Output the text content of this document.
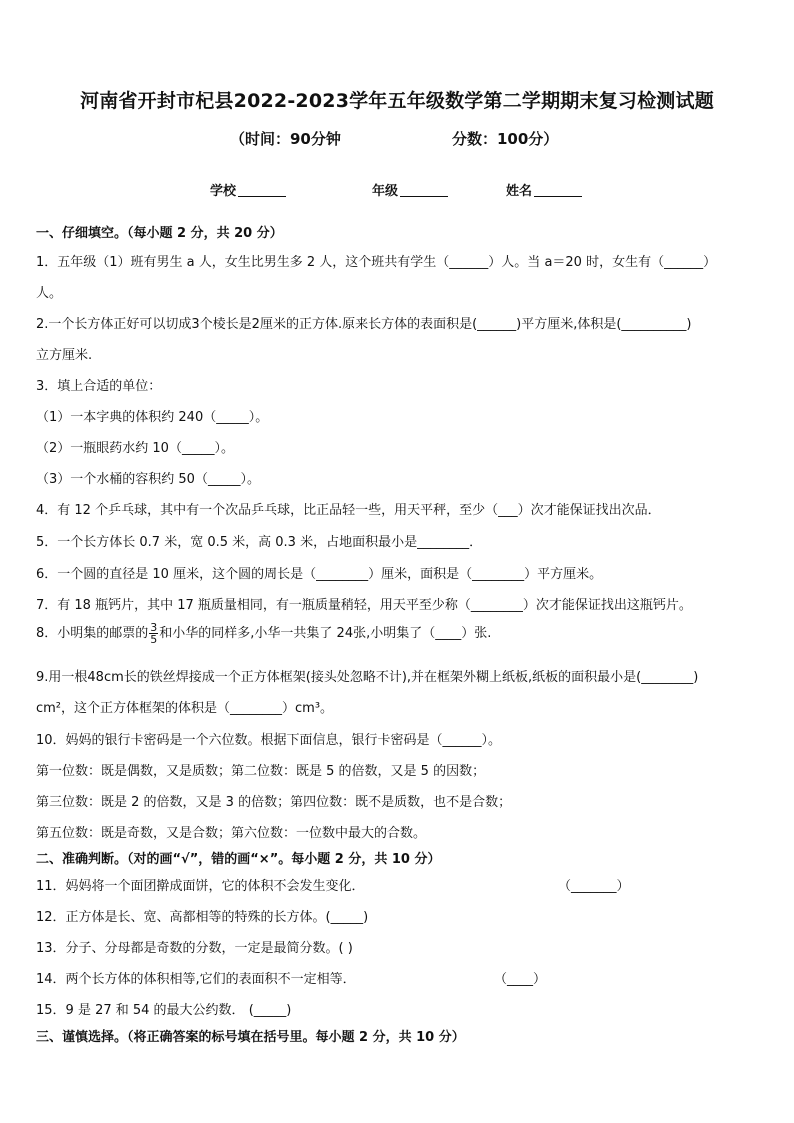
河南省开封市杞县2022-2023学年五年级数学第二学期期末复习检测试题
（时间：90分钟	分数：100分）
学校	年级	姓名
一、仔细填空。（每小题 2 分，共 20 分）
1．五年级（1）班有男生 a 人，女生比男生多 2 人，这个班共有学生（______）人。当 a＝20 时，女生有（______）
人。
2.一个长方体正好可以切成3个棱长是2厘米的正方体.原来长方体的表面积是(______)平方厘米,体积是(__________)
立方厘米.
3．填上合适的单位：
（1）一本字典的体积约 240（_____）。
（2）一瓶眼药水约 10（_____）。
（3）一个水桶的容积约 50（_____）。
4．有 12 个乒乓球，其中有一个次品乒乓球，比正品轻一些，用天平秤，至少（___）次才能保证找出次品．
5．一个长方体长 0.7 米，宽 0.5 米，高 0.3 米，占地面积最小是________．
6．一个圆的直径是 10 厘米，这个圆的周长是（________）厘米，面积是（________）平方厘米。
7．有 18 瓶钙片，其中 17 瓶质量相同，有一瓶质量稍轻，用天平至少称（________）次才能保证找出这瓶钙片。
8．小明集的邮票的 $\frac{3}{5}$ 和小华的同样多,小华一共集了 24张,小明集了（____）张.
9.用一根48cm长的铁丝焊接成一个正方体框架(接头处忽略不计),并在框架外糊上纸板,纸板的面积最小是(________)
cm²，这个正方体框架的体积是（________）cm³。
10．妈妈的银行卡密码是一个六位数。根据下面信息，银行卡密码是（______）。
第一位数：既是偶数，又是质数；第二位数：既是 5 的倍数，又是 5 的因数；
第三位数：既是 2 的倍数，又是 3 的倍数；第四位数：既不是质数，也不是合数；
第五位数：既是奇数，又是合数；第六位数：一位数中最大的合数。
二、准确判断。（对的画“√”，错的画“×”。每小题 2 分，共 10 分）
11．妈妈将一个面团擀成面饼，它的体积不会发生变化．	（_______）
12．正方体是长、宽、高都相等的特殊的长方体。(_____)
13．分子、分母都是奇数的分数，一定是最简分数。( )
14．两个长方体的体积相等,它们的表面积不一定相等．	（____）
15．9 是 27 和 54 的最大公约数． (_____)
三、谨慎选择。（将正确答案的标号填在括号里。每小题 2 分，共 10 分）
